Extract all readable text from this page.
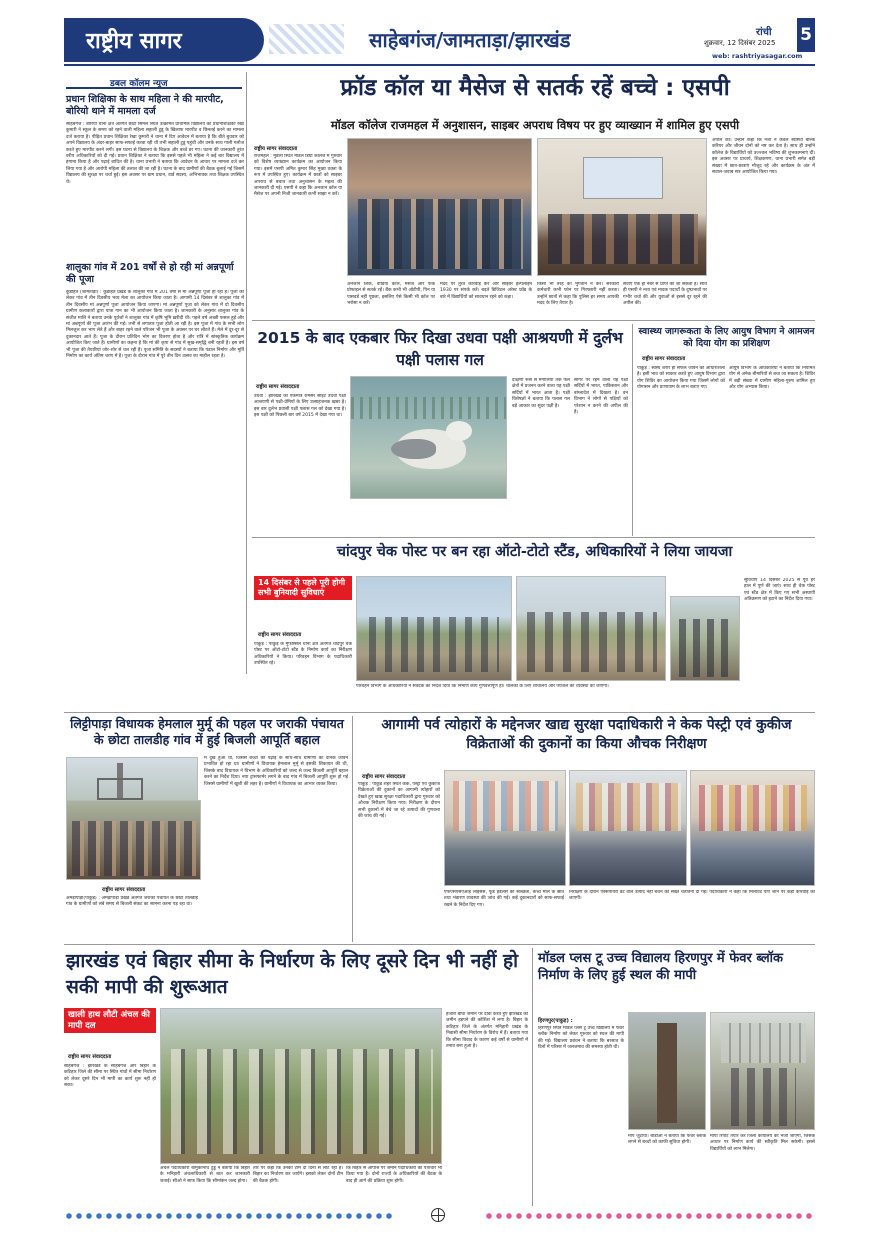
राष्ट्रीय सागर	साहेबगंज/जामताड़ा/झारखंड	रांची
शुक्रवार, 12 दिसंबर 2025 5
web: rashtriyasagar.com
डबल कॉलम न्यूज
प्रधान शिक्षिका के साथ महिला ने की मारपीट, बोरियो थाने में मामला दर्ज
साहेबगंज : बोरियो थाना क्षेत्र अंतर्गत छोटा सिमल स्थित उत्क्रमित प्राथमिक विद्यालय की प्रधानशिक्षिका रेखा कुमारी ने स्कूल के समय को रहने वाली महिला सहाली टुडू के खिलाफ मारपीट व छिनतई करने का मामला दर्ज कराया है। पीड़ित प्रधान शिक्षिका रेखा कुमारी ने थाना में दिए आवेदन में बताया है कि बीते बुधवार को अपने विद्यालय के अंदर-बाहर साफ-सफाई करवा रही थी तभी सहाली टुडू पहुंची और उनके साथ गाली गलौज करते हुए मारपीट करने लगी। इस घटना से विद्यालय के शिक्षक और बच्चे डर गए। घटना की जानकारी तुरंत वरीय अधिकारियों को दी गई। प्रधान शिक्षिका ने बताया कि इससे पहले भी महिला ने कई बार विद्यालय में हंगामा किया है और पढ़ाई बाधित की है। थाना प्रभारी ने बताया कि आवेदन के आधार पर मामला दर्ज कर लिया गया है और आरोपी महिला की तलाश की जा रही है। घटना के बाद ग्रामीणों की बैठक बुलाई गई जिसमें विद्यालय की सुरक्षा पर चर्चा हुई। इस अवसर पर ग्राम प्रधान, वार्ड सदस्य, अभिभावक तथा शिक्षक उपस्थित थे।
शालुका गांव में 201 वर्षों से हो रही मां अन्नपूर्णा की पूजा
कुंडहित (जामताड़ा) : कुंडहित प्रखंड के शालुका गांव में 201 वर्षों से मां अन्नपूर्णा पूजा हो रही है। पूजा को लेकर गांव में तीन दिवसीय भव्य मेला का आयोजन किया जाता है। आगामी 14 दिसंबर से शालुका गांव में तीन दिवसीय मां अन्नपूर्णा पूजा आयोजन किया जाएगा। मां अन्नपूर्णा पूजा को लेकर गांव में दो दिवसीय ग्रामीण कलाकारों द्वारा यात्रा गान का भी आयोजन किया जाता है। जानकारी के अनुसार शालुका गांव के संजीत मालि ने बताया उनके पूर्वजों ने शालुका गांव में कृषि भूमि ख़रीदी थी। पहले वर्ष अच्छी फसल हुई और मां अन्नपूर्णा की पूजा आरंभ की गई। तभी से लगातार पूजा होती आ रही है। इस पूजा में गांव के सभी लोग मिलजुल कर भाग लेते हैं और बाहर रहने वाले परिजन भी पूजा के अवसर पर घर लौटते हैं। मेले में दूर-दूर से दुकानदार आते हैं। पूजा के दौरान प्रतिदिन भोग का वितरण होता है और रात्रि में सांस्कृतिक कार्यक्रम आयोजित किए जाते हैं। ग्रामीणों का कहना है कि मां की कृपा से गांव में सुख-समृद्धि बनी रहती है। इस वर्ष भी पूजा की तैयारियां जोर-शोर से चल रही हैं। पूजा समिति के सदस्यों ने बताया कि पंडाल निर्माण और मूर्ति निर्माण का कार्य अंतिम चरण में है। पूजा के दौरान गांव में पूरे तीन दिन उत्सव का माहौल रहता है।
फ्रॉड कॉल या मैसेज से सतर्क रहें बच्चे : एसपी
मॉडल कॉलेज राजमहल में अनुशासन, साइबर अपराध विषय पर हुए व्याख्यान में शामिल हुए एसपी
राष्ट्रीय सागर संवाददाता
राजमहल : मुंडली स्थित मॉडल डिग्री कॉलेज में गुरुवार को विशेष व्याख्यान कार्यक्रम का आयोजन किया गया। इसमें एसपी अमित कुमार सिंह मुख्य वक्ता के रूप में उपस्थित हुए। कार्यक्रम में छात्रों को साइबर अपराध से बचाव तथा अनुशासन के महत्व की जानकारी दी गई। एसपी ने कहा कि अनजान कॉल या मैसेज पर अपनी निजी जानकारी कभी साझा न करें।
अपील की। उन्होंने कहा कि नशा न केवल स्वास्थ्य बल्कि करियर और जीवन दोनों को नष्ट कर देता है। साथ ही उन्होंने कॉलेज के विद्यार्थियों को उज्ज्वल भविष्य की शुभकामनाएं दीं। इस अवसर पर प्राचार्य, शिक्षकगण, थाना प्रभारी समेत बड़ी संख्या में छात्र-छात्राएं मौजूद रहे और कार्यक्रम के अंत में सवाल-जवाब सत्र आयोजित किया गया।
अनजान लिंक, वीडियो कॉल, मैसेज और फेक प्रोफाइल से सतर्क रहें। बैंक कभी भी ओटीपी, पिन या पासवर्ड नहीं पूछता, इसलिए ऐसे किसी भी कॉल पर भरोसा न करें।
मदद पर तुरंत कार्रवाई करें और साइबर हेल्पलाइन 1930 पर संपर्क करें। बढ़ते डिजिटल अरेस्ट फ्रॉड के बारे में विद्यार्थियों को सावधान रहने को कहा।
किसी भी तरह का भुगतान न करें। सरकारी कर्मचारी कभी फोन पर गिरफ्तारी नहीं करता। उन्होंने छात्रों से कहा कि पुलिस हर समय आपकी मदद के लिए तैयार है।
सेवाएं एक ही नंबर से प्राप्त की जा सकती हैं। साथ ही एसपी ने नशा एवं मादक पदार्थों के दुष्प्रभावों पर गंभीर चर्चा की और युवाओं से इससे दूर रहने की अपील की।
2015 के बाद एकबार फिर दिखा उधवा पक्षी आश्रयणी में दुर्लभ पक्षी पलास गल
राष्ट्रीय सागर संवाददाता
उधवा : झारखंड का एकमात्र रामसर साइट उधवा पक्षी आश्रयणी से पक्षी-प्रेमियों के लिए उत्साहजनक खबर है। इस बार दुर्लभ प्रवासी पक्षी पलास गल को देखा गया है। इस पक्षी को पिछली बार वर्ष 2015 में देखा गया था।
दक्षिणी रूस से मंगोलिया तक फैले क्षेत्रों में प्रजनन करने वाला यह पक्षी सर्दियों में भारत आता है। पक्षी विशेषज्ञों ने बताया कि पलास गल बड़े आकार का सुंदर पक्षी है।
सागर पर रहने वाला यह पक्षी सर्दियों में भारत, पाकिस्तान और बांग्लादेश में दिखता है। वन विभाग ने लोगों से पक्षियों को परेशान न करने की अपील की है।
स्वास्थ्य जागरूकता के लिए आयुष विभाग ने आमजन को दिया योग का प्रशिक्षण
राष्ट्रीय सागर संवाददाता
पाकुड़ : स्वस्थ शरीर ही सफल जीवन की आधारशिला है। इसी भाव को साकार करते हुए आयुष विभाग द्वारा योग शिविर का आयोजन किया गया जिसमें लोगों को योगासन और प्राणायाम के लाभ बताए गए।
आयुष विभाग के अधिकारियों ने बताया कि नियमित योग से अनेक बीमारियों से बचा जा सकता है। शिविर में बड़ी संख्या में ग्रामीण महिला-पुरुष शामिल हुए और योग अभ्यास किया।
चांदपुर चेक पोस्ट पर बन रहा ऑटो-टोटो स्टैंड, अधिकारियों ने लिया जायजा
14 दिसंबर से पहले पूरी होगी सभी बुनियादी सुविधाएं
राष्ट्रीय सागर संवाददाता
पाकुड़ : पाकुड़ के मुफस्सिल थाना क्षेत्र अंतर्गत चांदपुर चेक पोस्ट पर ऑटो-टोटो स्टैंड के निर्माण कार्य का निरीक्षण अधिकारियों ने किया। परिवहन विभाग के पदाधिकारी उपस्थित रहे।
परिवहन विभाग के अधिकारियों ने संवेदक को निर्देश दिया कि निर्माण कार्य गुणवत्तापूर्ण हो। चालकों के लिए शौचालय और पेयजल की व्यवस्था की जाएगी।
सुविधाएं 14 दिसंबर 2025 से पूर्व हर हाल में पूर्ण की जाएं। साथ ही चेक पोस्ट एवं स्टैंड क्षेत्र में किए गए सभी अस्थायी अतिक्रमण को हटाने का निर्देश दिया गया।
लिट्टीपाड़ा विधायक हेमलाल मुर्मू की पहल पर जराकी पंचायत के छोटा तालडीह गांव में हुई बिजली आपूर्ति बहाल
राष्ट्रीय सागर संवाददाता
अमड़ापाड़ा(पाकुड़) : अमड़ापाड़ा प्रखंड अंतर्गत जराकी पंचायत के छोटा तालडीह गांव के ग्रामीणों को लंबे समय से बिजली संकट का सामना करना पड़ रहा था।
में दुख हुआ था, जिससे बच्चों की पढ़ाई के साथ-साथ ग्रामीणों का दैनिक जीवन प्रभावित हो रहा था। ग्रामीणों ने विधायक हेमलाल मुर्मू से इसकी शिकायत की थी, जिसके बाद विधायक ने विभाग के अधिकारियों को जल्द से जल्द बिजली आपूर्ति बहाल करने का निर्देश दिया। नया ट्रांसफार्मर लगने के बाद गांव में बिजली आपूर्ति शुरू हो गई जिससे ग्रामीणों में खुशी की लहर है। ग्रामीणों ने विधायक का आभार व्यक्त किया।
आगामी पर्व त्योहारों के मद्देनजर खाद्य सुरक्षा पदाधिकारी ने केक पेस्ट्री एवं कुकीज विक्रेताओं की दुकानों का किया औचक निरीक्षण
राष्ट्रीय सागर संवाददाता
पाकुड़ : पाकुड़ शहर स्थित केक, पेस्ट्री एवं कुकीज विक्रेताओं की दुकानों का आगामी त्योहारों को देखते हुए खाद्य सुरक्षा पदाधिकारी द्वारा गुरुवार को औचक निरीक्षण किया गया। निरीक्षण के दौरान सभी दुकानों में बेचे जा रहे उत्पादों की गुणवत्ता की जांच की गई।
एफएसएसएआई लाइसेंस, फूड हैंडलर्स की स्वच्छता, कच्चे माल के स्रोत तथा भंडारण व्यवस्था की जांच की गई। कई दुकानदारों को साफ-सफाई रखने के निर्देश दिए गए।
निरीक्षण के दौरान एक्सपायरी डेट वाले उत्पाद नहीं बेचने की सख्त चेतावनी दी गई। पदाधिकारी ने कहा कि मिलावट पाए जाने पर कड़ी कार्रवाई की जाएगी।
झारखंड एवं बिहार सीमा के निर्धारण के लिए दूसरे दिन भी नहीं हो सकी मापी की शुरूआत
खाली हाथ लौटी अंचल की मापी दल
राष्ट्रीय सागर संवाददाता
साहेबगंज : झारखंड के साहेबगंज और बिहार के कटिहार जिले की सीमा पर स्थित गांवों में सीमा निर्धारण को लेकर दूसरे दिन भी मापी का कार्य शुरू नहीं हो सका।
अंचल पदाधिकारी बामुकीनाथ टुडू ने बताया कि बिहार के मनिहारी अंचलाधिकारी से बात कर जानकारी जताई। सीओ ने साफ किया कि सीमांकन जल्द होगा।
तौर पर कहा कि उनकी टीम दो दिनों से लौट रही है। बिहार का निर्धारण कर जायेंगे। इसको लेकर दोनों टीम की बैठक होगी।
कि बिहार से आपत्ति पर जमीन पदाधिकारी को पत्राचार भी किया गया है। दोनों राज्यों के अधिकारियों की बैठक के बाद ही आगे की प्रक्रिया शुरू होगी।
हजारों बीघा जमीन पर दावा करते हुए झारखंड की जमीन हड़पने की कोशिश में लगा है। बिहार के कटिहार जिले के अंतर्गत मनिहारी प्रखंड के निवासी सीमा निर्धारण के विरोध में हैं। बताया गया कि सीमा विवाद के कारण कई वर्षों से ग्रामीणों में तनाव बना हुआ है।
मॉडल प्लस टू उच्च विद्यालय हिरणपुर में फेवर ब्लॉक निर्माण के लिए हुई स्थल की मापी
हिरणपुर(पाकुड़) :
हिरणपुर स्थित मॉडल प्लस टू उच्च विद्यालय में फेवर ब्लॉक निर्माण को लेकर गुरुवार को स्थल की मापी की गई। विद्यालय प्रबंधन ने बताया कि बरसात के दिनों में परिसर में जलजमाव की समस्या होती थी।
माप जुटाया। बीडीओ ने बताया कि फेवर ब्लॉक लगने से बच्चों को काफी सुविधा होगी।
मापी रिपोर्ट तैयार कर जिला कार्यालय को भेजी जाएगी, जिसके आधार पर निर्माण कार्य की स्वीकृति मिल सकेगी। इससे विद्यार्थियों को लाभ मिलेगा।
